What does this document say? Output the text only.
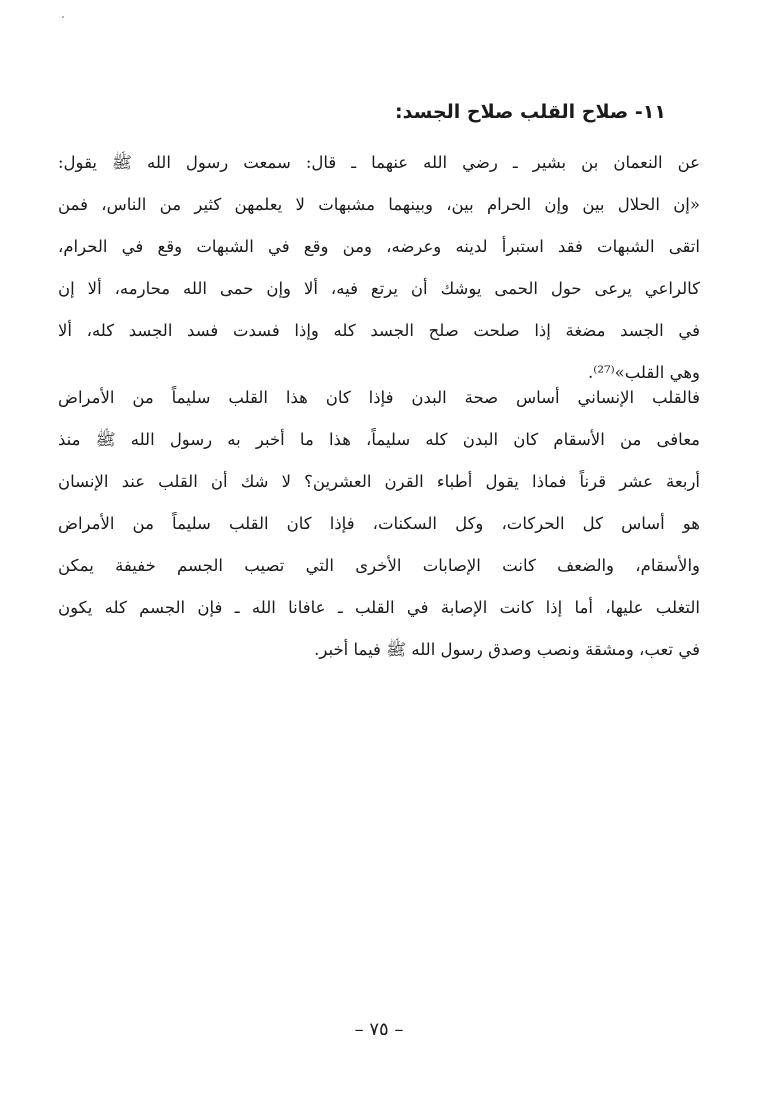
١١- صلاح القلب صلاح الجسد:
عن النعمان بن بشير ـ رضي الله عنهما ـ قال: سمعت رسول الله ﷺ يقول:
«إن الحلال بين وإن الحرام بين، وبينهما مشبهات لا يعلمهن كثير من الناس، فمن
اتقى الشبهات فقد استبرأ لدينه وعرضه، ومن وقع في الشبهات وقع في الحرام،
كالراعي يرعى حول الحمى يوشك أن يرتع فيه، ألا وإن حمى الله محارمه، ألا إن
في الجسد مضغة إذا صلحت صلح الجسد كله وإذا فسدت فسد الجسد كله، ألا
وهي القلب»⁽²⁷⁾.
فالقلب الإنساني أساس صحة البدن فإذا كان هذا القلب سليماً من الأمراض
معافى من الأسقام كان البدن كله سليماً، هذا ما أخبر به رسول الله ﷺ منذ
أربعة عشر قرناً فماذا يقول أطباء القرن العشرين؟ لا شك أن القلب عند الإنسان
هو أساس كل الحركات، وكل السكنات، فإذا كان القلب سليماً من الأمراض
والأسقام، والضعف كانت الإصابات الأخرى التي تصيب الجسم خفيفة يمكن
التغلب عليها، أما إذا كانت الإصابة في القلب ـ عافانا الله ـ فإن الجسم كله يكون
في تعب، ومشقة ونصب وصدق رسول الله ﷺ فيما أخبر.
– ٧٥ –
